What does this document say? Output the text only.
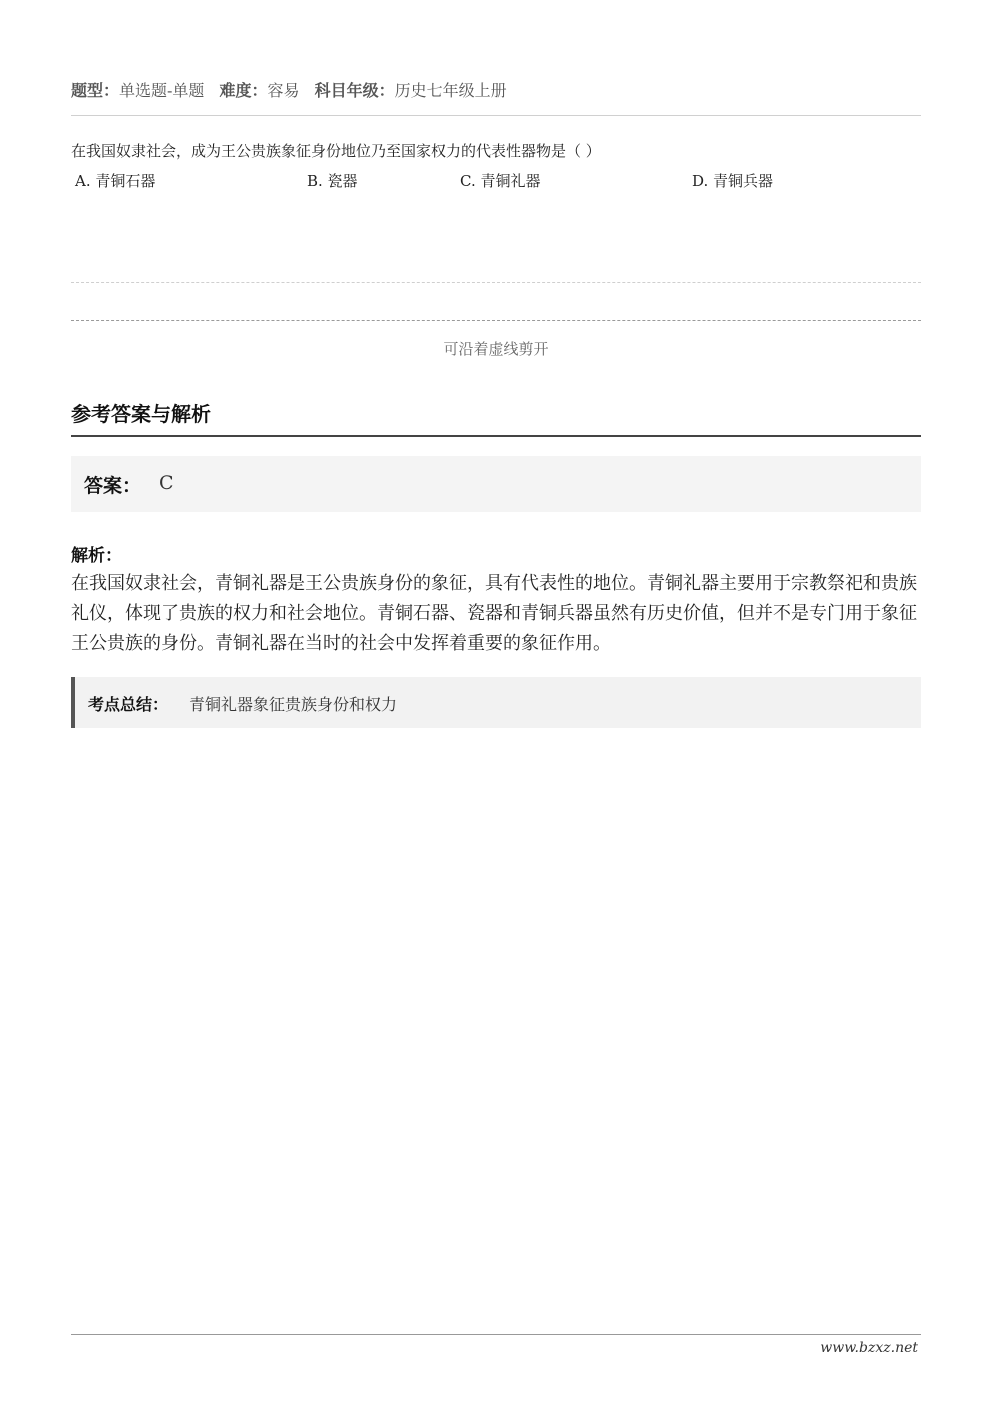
题型：单选题-单题 难度：容易 科目年级：历史七年级上册
在我国奴隶社会，成为王公贵族象征身份地位乃至国家权力的代表性器物是（ ）
A. 青铜石器	B. 瓷器	C. 青铜礼器	D. 青铜兵器
可沿着虚线剪开
参考答案与解析
答案： C
解析：
在我国奴隶社会，青铜礼器是王公贵族身份的象征，具有代表性的地位。青铜礼器主要用于宗教祭祀和贵族礼仪，体现了贵族的权力和社会地位。青铜石器、瓷器和青铜兵器虽然有历史价值，但并不是专门用于象征王公贵族的身份。青铜礼器在当时的社会中发挥着重要的象征作用。
考点总结： 青铜礼器象征贵族身份和权力
www.bzxz.net
